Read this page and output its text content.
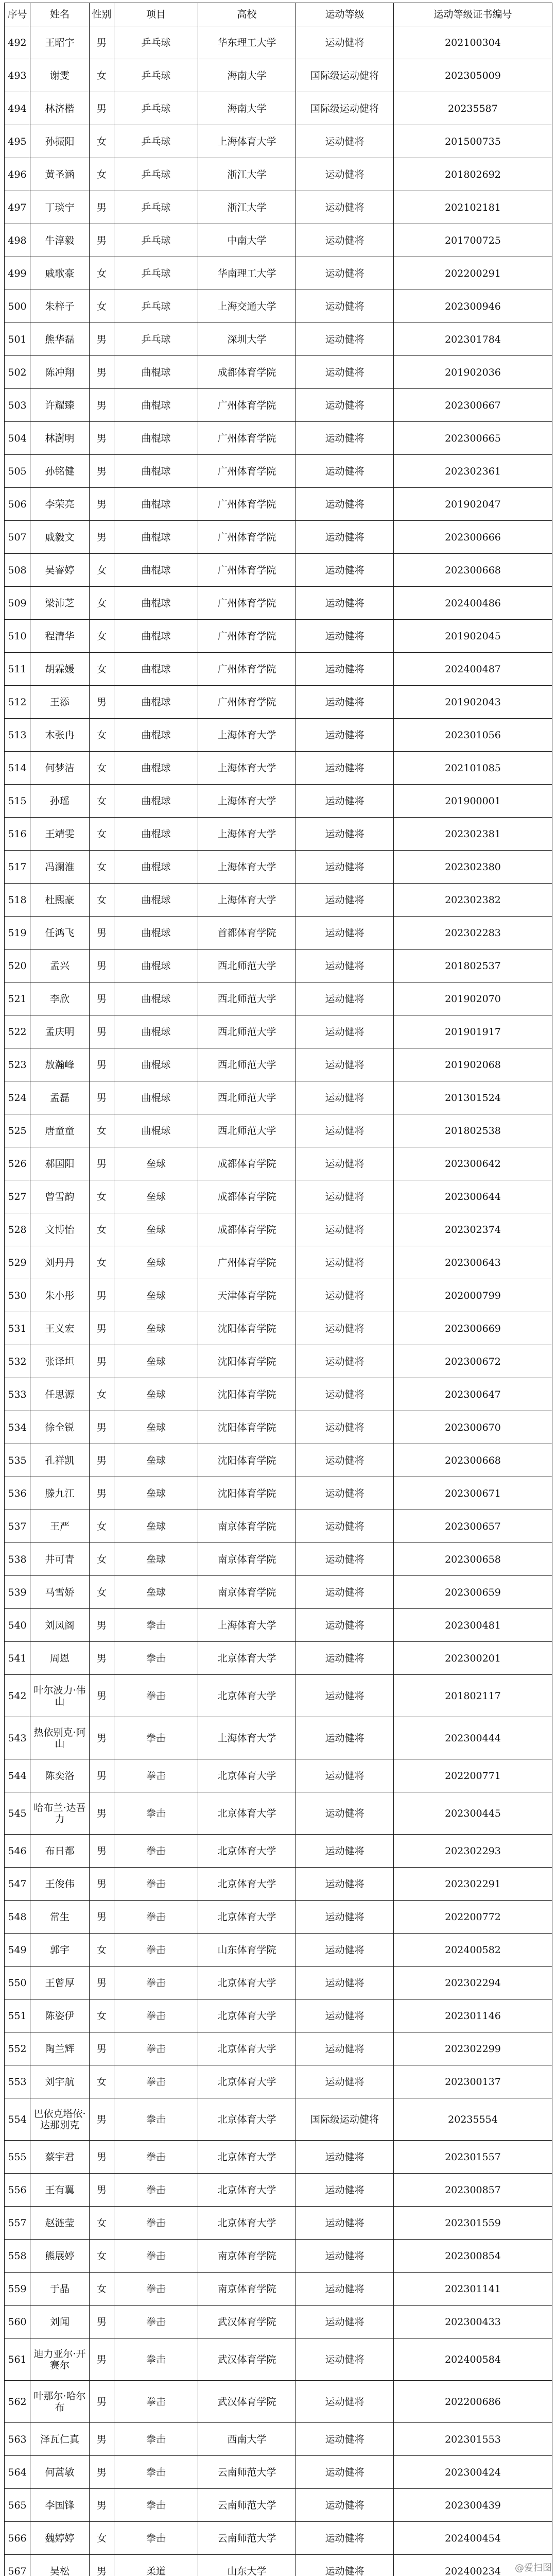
序号	姓名	性别	项目	高校	运动等级	运动等级证书编号
492	王昭宇	男	乒乓球	华东理工大学	运动健将	202100304
493	谢雯	女	乒乓球	海南大学	国际级运动健将	202305009
494	林济楷	男	乒乓球	海南大学	国际级运动健将	20235587
495	孙振阳	女	乒乓球	上海体育大学	运动健将	201500735
496	黄圣涵	女	乒乓球	浙江大学	运动健将	201802692
497	丁琰宁	男	乒乓球	浙江大学	运动健将	202102181
498	牛淳毅	男	乒乓球	中南大学	运动健将	201700725
499	戚歌豪	女	乒乓球	华南理工大学	运动健将	202200291
500	朱梓子	女	乒乓球	上海交通大学	运动健将	202300946
501	熊华磊	男	乒乓球	深圳大学	运动健将	202301784
502	陈冲翔	男	曲棍球	成都体育学院	运动健将	201902036
503	许耀臻	男	曲棍球	广州体育学院	运动健将	202300667
504	林澍明	男	曲棍球	广州体育学院	运动健将	202300665
505	孙铭健	男	曲棍球	广州体育学院	运动健将	202302361
506	李荣亮	男	曲棍球	广州体育学院	运动健将	201902047
507	戚毅文	男	曲棍球	广州体育学院	运动健将	202300666
508	吴睿婷	女	曲棍球	广州体育学院	运动健将	202300668
509	梁沛芝	女	曲棍球	广州体育学院	运动健将	202400486
510	程清华	女	曲棍球	广州体育学院	运动健将	201902045
511	胡霖媛	女	曲棍球	广州体育学院	运动健将	202400487
512	王添	男	曲棍球	广州体育学院	运动健将	201902043
513	木张冉	女	曲棍球	上海体育大学	运动健将	202301056
514	何梦洁	女	曲棍球	上海体育大学	运动健将	202101085
515	孙瑶	女	曲棍球	上海体育大学	运动健将	201900001
516	王靖雯	女	曲棍球	上海体育大学	运动健将	202302381
517	冯澜淮	女	曲棍球	上海体育大学	运动健将	202302380
518	杜熙豪	女	曲棍球	上海体育大学	运动健将	202302382
519	任鸿飞	男	曲棍球	首都体育学院	运动健将	202302283
520	孟兴	男	曲棍球	西北师范大学	运动健将	201802537
521	李欣	男	曲棍球	西北师范大学	运动健将	201902070
522	孟庆明	男	曲棍球	西北师范大学	运动健将	201901917
523	敖瀚峰	男	曲棍球	西北师范大学	运动健将	201902068
524	孟磊	男	曲棍球	西北师范大学	运动健将	201301524
525	唐童童	女	曲棍球	西北师范大学	运动健将	201802538
526	郝国阳	男	垒球	成都体育学院	运动健将	202300642
527	曾雪韵	女	垒球	成都体育学院	运动健将	202300644
528	文博怡	女	垒球	成都体育学院	运动健将	202302374
529	刘丹丹	女	垒球	广州体育学院	运动健将	202300643
530	朱小彤	男	垒球	天津体育学院	运动健将	202000799
531	王义宏	男	垒球	沈阳体育学院	运动健将	202300669
532	张译坦	男	垒球	沈阳体育学院	运动健将	202300672
533	任思源	女	垒球	沈阳体育学院	运动健将	202300647
534	徐全锐	男	垒球	沈阳体育学院	运动健将	202300670
535	孔祥凯	男	垒球	沈阳体育学院	运动健将	202300668
536	滕九江	男	垒球	沈阳体育学院	运动健将	202300671
537	王严	女	垒球	南京体育学院	运动健将	202300657
538	井可青	女	垒球	南京体育学院	运动健将	202300658
539	马雪娇	女	垒球	南京体育学院	运动健将	202300659
540	刘凤阁	男	拳击	上海体育大学	运动健将	202300481
541	周恩	男	拳击	北京体育大学	运动健将	202300201
542	叶尔波力·伟山	男	拳击	北京体育大学	运动健将	201802117
543	热依别克·阿山	男	拳击	上海体育大学	运动健将	202300444
544	陈奕洛	男	拳击	北京体育大学	运动健将	202200771
545	哈布兰·达吾力	男	拳击	北京体育大学	运动健将	202300445
546	布日都	男	拳击	北京体育大学	运动健将	202302293
547	王俊伟	男	拳击	北京体育大学	运动健将	202302291
548	常生	男	拳击	北京体育大学	运动健将	202200772
549	郭宇	女	拳击	山东体育学院	运动健将	202400582
550	王曾厚	男	拳击	北京体育大学	运动健将	202302294
551	陈姿伊	女	拳击	北京体育大学	运动健将	202301146
552	陶兰辉	男	拳击	北京体育大学	运动健将	202302299
553	刘宇航	女	拳击	北京体育大学	运动健将	202300137
554	巴依克塔依·达那别克	男	拳击	北京体育大学	国际级运动健将	20235554
555	蔡宇君	男	拳击	北京体育大学	运动健将	202301557
556	王有翼	男	拳击	北京体育大学	运动健将	202300857
557	赵涟莹	女	拳击	北京体育大学	运动健将	202301559
558	熊展婷	女	拳击	南京体育学院	运动健将	202300854
559	于晶	女	拳击	南京体育学院	运动健将	202301141
560	刘闻	男	拳击	武汉体育学院	运动健将	202300433
561	迪力亚尔·开赛尔	男	拳击	武汉体育学院	运动健将	202400584
562	叶那尔·哈尔布	男	拳击	武汉体育学院	运动健将	202200686
563	泽瓦仁真	男	拳击	西南大学	运动健将	202301553
564	何蒿敏	男	拳击	云南师范大学	运动健将	202300424
565	李国锋	男	拳击	云南师范大学	运动健将	202300439
566	魏婷婷	女	拳击	云南师范大学	运动健将	202400454
567	吴松	男	柔道	山东大学	运动健将	202400234

						@爱扫图
